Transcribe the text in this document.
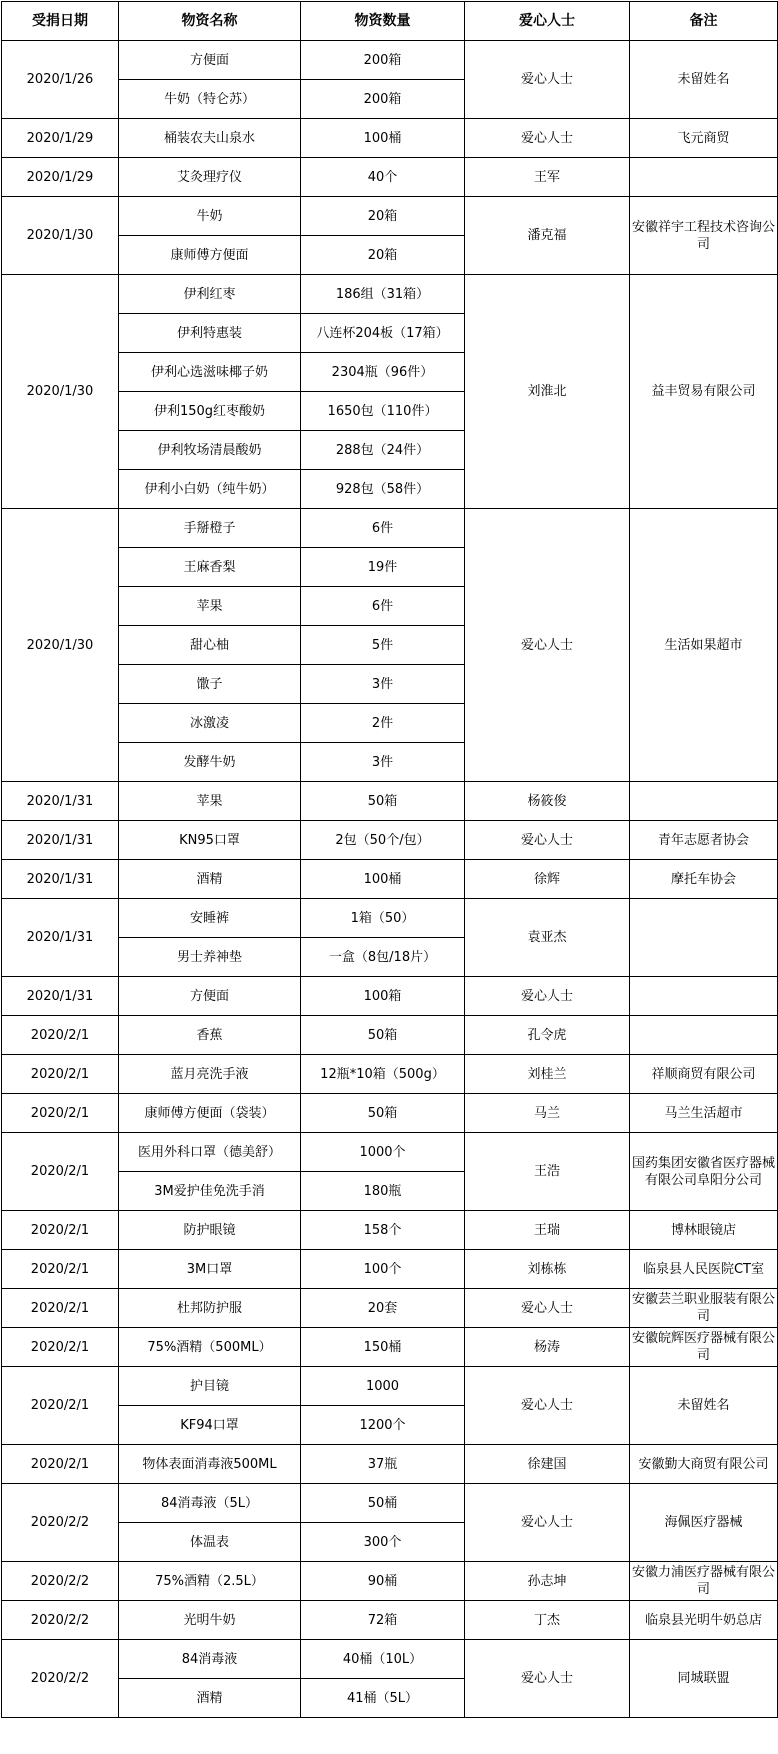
受捐日期	物资名称	物资数量	爱心人士	备注
2020/1/26	方便面	200箱	爱心人士	未留姓名
	牛奶（特仑苏）	200箱		
2020/1/29	桶装农夫山泉水	100桶	爱心人士	飞元商贸
2020/1/29	艾灸理疗仪	40个	王军	
2020/1/30	牛奶	20箱	潘克福	安徽祥宇工程技术咨询公司
	康师傅方便面	20箱		
2020/1/30	伊利红枣	186组（31箱）	刘淮北	益丰贸易有限公司
	伊利特惠装	八连杯204板（17箱）		
	伊利心选滋味椰子奶	2304瓶（96件）		
	伊利150g红枣酸奶	1650包（110件）		
	伊利牧场清晨酸奶	288包（24件）		
	伊利小白奶（纯牛奶）	928包（58件）		
2020/1/30	手掰橙子	6件	爱心人士	生活如果超市
	王麻香梨	19件		
	苹果	6件		
	甜心柚	5件		
	馓子	3件		
	冰激凌	2件		
	发酵牛奶	3件		
2020/1/31	苹果	50箱	杨筱俊	
2020/1/31	KN95口罩	2包（50个/包）	爱心人士	青年志愿者协会
2020/1/31	酒精	100桶	徐辉	摩托车协会
2020/1/31	安睡裤	1箱（50）	袁亚杰	
	男士养神垫	一盒（8包/18片）		
2020/1/31	方便面	100箱	爱心人士	
2020/2/1	香蕉	50箱	孔令虎	
2020/2/1	蓝月亮洗手液	12瓶*10箱（500g）	刘桂兰	祥顺商贸有限公司
2020/2/1	康师傅方便面（袋装）	50箱	马兰	马兰生活超市
2020/2/1	医用外科口罩（德美舒）	1000个	王浩	国药集团安徽省医疗器械有限公司阜阳分公司
	3M爱护佳免洗手消	180瓶		
2020/2/1	防护眼镜	158个	王瑞	博林眼镜店
2020/2/1	3M口罩	100个	刘栋栋	临泉县人民医院CT室
2020/2/1	杜邦防护服	20套	爱心人士	安徽芸兰职业服装有限公司
2020/2/1	75%酒精（500ML）	150桶	杨涛	安徽皖辉医疗器械有限公司
2020/2/1	护目镜	1000	爱心人士	未留姓名
	KF94口罩	1200个		
2020/2/1	物体表面消毒液500ML	37瓶	徐建国	安徽勤大商贸有限公司
2020/2/2	84消毒液（5L）	50桶	爱心人士	海佩医疗器械
	体温表	300个		
2020/2/2	75%酒精（2.5L）	90桶	孙志坤	安徽力浦医疗器械有限公司
2020/2/2	光明牛奶	72箱	丁杰	临泉县光明牛奶总店
2020/2/2	84消毒液	40桶（10L）	爱心人士	同城联盟
	酒精	41桶（5L）		
